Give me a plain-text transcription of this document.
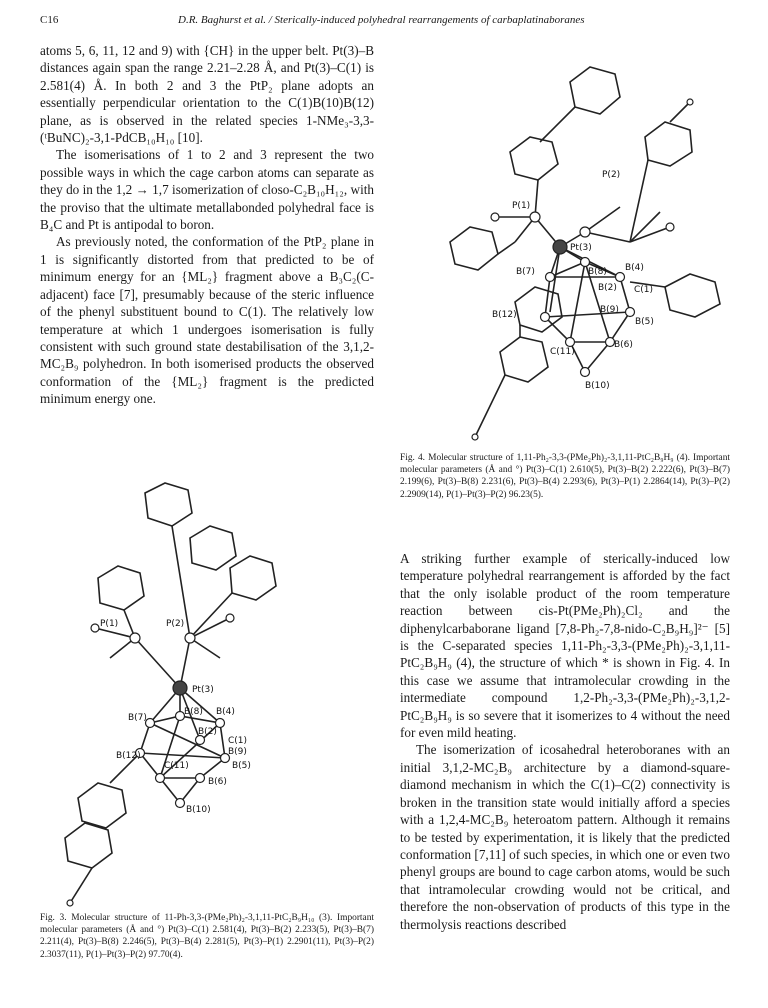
C16	D.R. Baghurst et al. / Sterically-induced polyhedral rearrangements of carbaplatinaboranes

atoms 5, 6, 11, 12 and 9) with {CH} in the upper belt. Pt(3)–B distances again span the range 2.21–2.28 Å, and Pt(3)–C(1) is 2.581(4) Å. In both 2 and 3 the PtP₂ plane adopts an essentially perpendicular orientation to the C(1)B(10)B(12) plane, as is observed in the related species 1-NMe₃-3,3-(ᵗBuNC)₂-3,1-PdCB₁₀H₁₀ [10].

The isomerisations of 1 to 2 and 3 represent the two possible ways in which the cage carbon atoms can separate as they do in the 1,2 → 1,7 isomerization of closo-C₂B₁₀H₁₂, with the proviso that the ultimate metallabonded polyhedral face is B₄C and Pt is antipodal to boron.

As previously noted, the conformation of the PtP₂ plane in 1 is significantly distorted from that predicted to be of minimum energy for an {ML₂} fragment above a B₃C₂(C-adjacent) face [7], presumably because of the steric influence of the phenyl substituent bound to C(1). The relatively low temperature at which 1 undergoes isomerisation is fully consistent with such ground state destabilisation of the 3,1,2-MC₂B₉ polyhedron. In both isomerised products the observed conformation of the {ML₂} fragment is the predicted minimum energy one.

P(2)
P(1)
Pt(3)
B(7)	B(8) B(4)
B(2) C(1)
B(9)
B(12)
B(5)
C(11)
B(6)
B(10)
Fig. 4. Molecular structure of 1,11-Ph₂-3,3-(PMe₂Ph)₂-3,1,11-PtC₂B₉H₉ (4). Important molecular parameters (Å and °) Pt(3)–C(1) 2.610(5), Pt(3)–B(2) 2.222(6), Pt(3)–B(7) 2.199(6), Pt(3)–B(8) 2.231(6), Pt(3)–B(4) 2.293(6), Pt(3)–P(1) 2.2864(14), Pt(3)–P(2) 2.2909(14), P(1)–Pt(3)–P(2) 96.23(5).
P(1)	P(2)
Pt(3)
B(8) B(4)
B(7)
B(2)
C(1)
B(9)
B(12)
C(11)	B(5)
B(6)
B(10)
Fig. 3. Molecular structure of 11-Ph-3,3-(PMe₂Ph)₂-3,1,11-PtC₂B₉H₁₀ (3). Important molecular parameters (Å and °) Pt(3)–C(1) 2.581(4), Pt(3)–B(2) 2.233(5), Pt(3)–B(7) 2.211(4), Pt(3)–B(8) 2.246(5), Pt(3)–B(4) 2.281(5), Pt(3)–P(1) 2.2901(11), Pt(3)–P(2) 2.3037(11), P(1)–Pt(3)–P(2) 97.70(4).

A striking further example of sterically-induced low temperature polyhedral rearrangement is afforded by the fact that the only isolable product of the room temperature reaction between cis-Pt(PMe₂Ph)₂Cl₂ and the diphenylcarbaborane ligand [7,8-Ph₂-7,8-nido-C₂B₉H₉]²⁻ [5] is the C-separated species 1,11-Ph₂-3,3-(PMe₂Ph)₂-3,1,11-PtC₂B₉H₉ (4), the structure of which * is shown in Fig. 4. In this case we assume that intramolecular crowding in the intermediate compound 1,2-Ph₂-3,3-(PMe₂Ph)₂-3,1,2-PtC₂B₉H₉ is so severe that it isomerizes to 4 without the need for even mild heating.

The isomerization of icosahedral heteroboranes with an initial 3,1,2-MC₂B₉ architecture by a diamond-square-diamond mechanism in which the C(1)–C(2) connectivity is broken in the transition state would initially afford a species with a 1,2,4-MC₂B₉ heteroatom pattern. Although it remains to be tested by experimentation, it is likely that the predicted conformation [7,11] of such species, in which one or even two phenyl groups are bound to cage carbon atoms, would be such that intramolecular crowding would not be critical, and therefore the non-observation of products of this type in the thermolysis reactions described
